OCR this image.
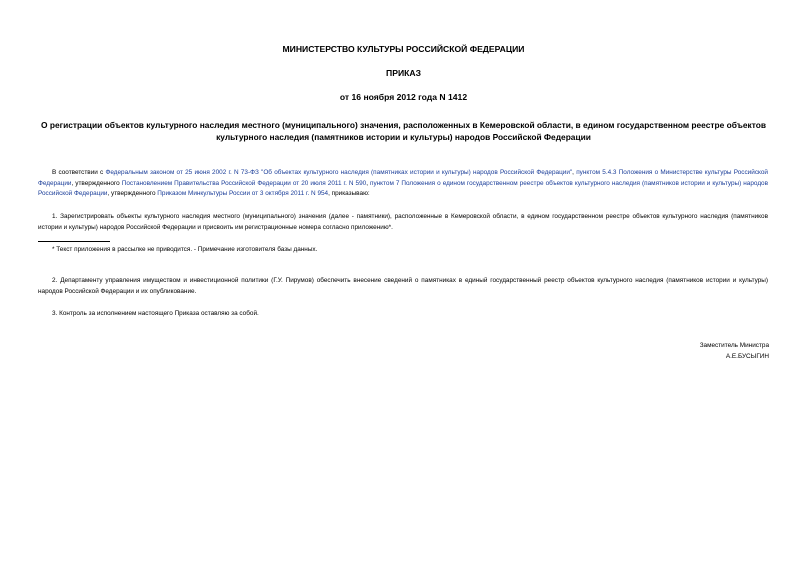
МИНИСТЕРСТВО КУЛЬТУРЫ РОССИЙСКОЙ ФЕДЕРАЦИИ
ПРИКАЗ
от 16 ноября 2012 года N 1412
О регистрации объектов культурного наследия местного (муниципального) значения, расположенных в Кемеровской области, в едином государственном реестре объектов культурного наследия (памятников истории и культуры) народов Российской Федерации
В соответствии с Федеральным законом от 25 июня 2002 г. N 73-ФЗ "Об объектах культурного наследия (памятниках истории и культуры) народов Российской Федерации", пунктом 5.4.3 Положения о Министерстве культуры Российской Федерации, утвержденного Постановлением Правительства Российской Федерации от 20 июля 2011 г. N 590, пунктом 7 Положения о едином государственном реестре объектов культурного наследия (памятников истории и культуры) народов Российской Федерации, утвержденного Приказом Минкультуры России от 3 октября 2011 г. N 954, приказываю:
1. Зарегистрировать объекты культурного наследия местного (муниципального) значения (далее - памятники), расположенные в Кемеровской области, в едином государственном реестре объектов культурного наследия (памятников истории и культуры) народов Российской Федерации и присвоить им регистрационные номера согласно приложению*.
* Текст приложения в рассылке не приводится. - Примечание изготовителя базы данных.
2. Департаменту управления имуществом и инвестиционной политики (Г.У. Пирумов) обеспечить внесение сведений о памятниках в единый государственный реестр объектов культурного наследия (памятников истории и культуры) народов Российской Федерации и их опубликование.
3. Контроль за исполнением настоящего Приказа оставляю за собой.
Заместитель Министра
А.Е.БУСЫГИН
